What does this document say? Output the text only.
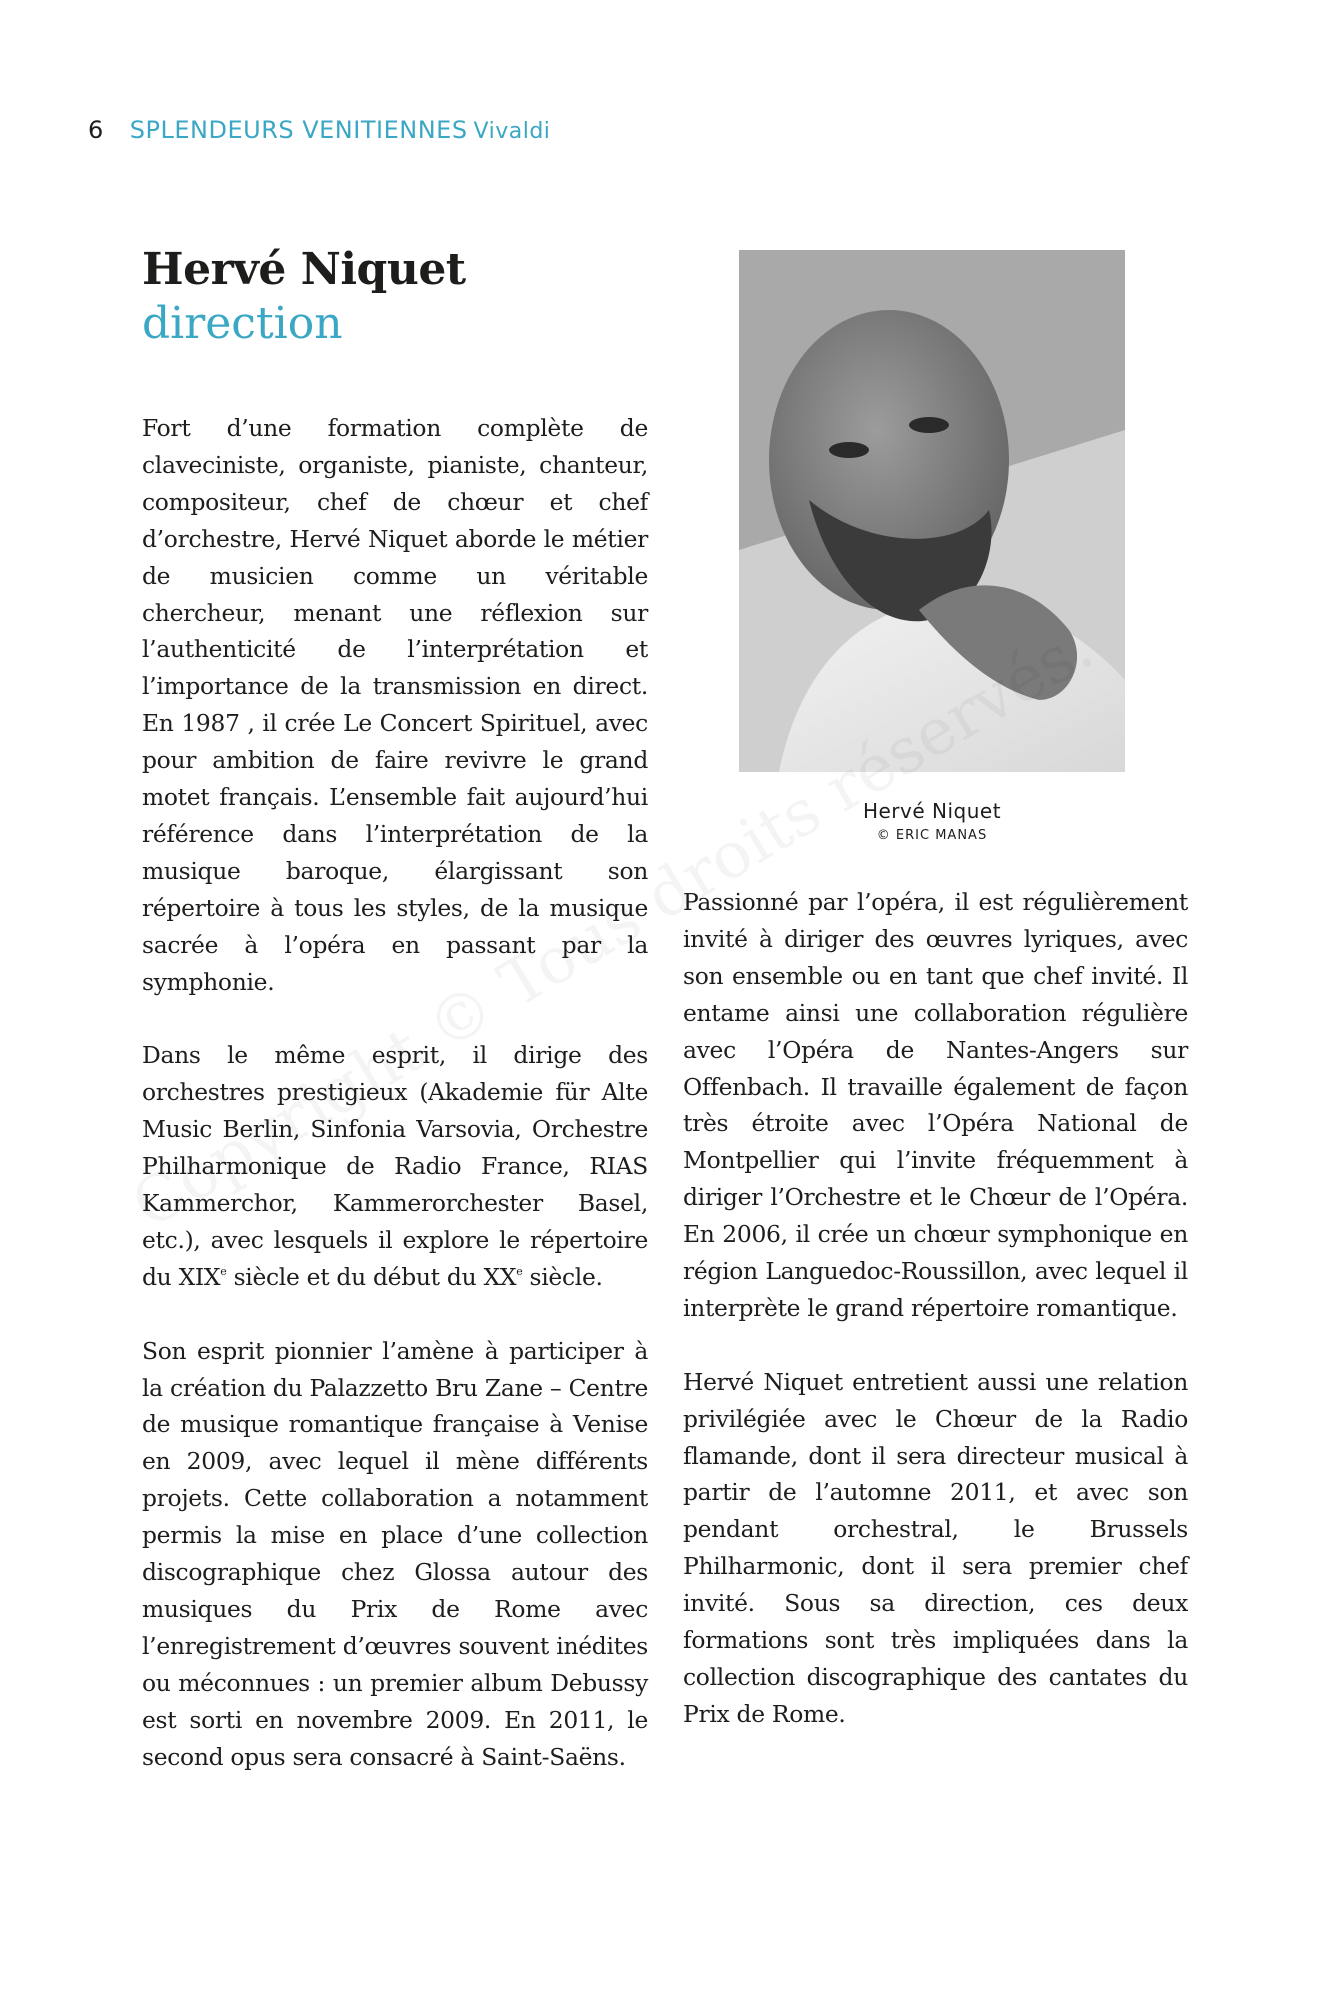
6 SPLENDEURS VENITIENNES Vivaldi
Hervé Niquet
direction

Fort d’une formation complète de claveciniste, organiste, pianiste, chanteur, compositeur, chef de chœur et chef d’orchestre, Hervé Niquet aborde le métier de musicien comme un véritable chercheur, menant une réflexion sur l’authenticité de l’interprétation et l’importance de la transmission en direct. En 1987 , il crée Le Concert Spirituel, avec pour ambition de faire revivre le grand motet français. L’ensemble fait aujourd’hui référence dans l’interprétation de la musique baroque, élargissant son répertoire à tous les styles, de la musique sacrée à l’opéra en passant par la symphonie.

Dans le même esprit, il dirige des orchestres prestigieux (Akademie für Alte Music Berlin, Sinfonia Varsovia, Orchestre Philharmonique de Radio France, RIAS Kammerchor, Kammerorchester Basel, etc.), avec lesquels il explore le répertoire du XIXe siècle et du début du XXe siècle.

Son esprit pionnier l’amène à participer à la création du Palazzetto Bru Zane – Centre de musique romantique française à Venise en 2009, avec lequel il mène différents projets. Cette collaboration a notamment permis la mise en place d’une collection discographique chez Glossa autour des musiques du Prix de Rome avec l’enregistrement d’œuvres souvent inédites ou méconnues : un premier album Debussy est sorti en novembre 2009. En 2011, le second opus sera consacré à Saint-Saëns.

Hervé Niquet
© ERIC MANAS

Passionné par l’opéra, il est régulièrement invité à diriger des œuvres lyriques, avec son ensemble ou en tant que chef invité. Il entame ainsi une collaboration régulière avec l’Opéra de Nantes-Angers sur Offenbach. Il travaille également de façon très étroite avec l’Opéra National de Montpellier qui l’invite fréquemment à diriger l’Orchestre et le Chœur de l’Opéra. En 2006, il crée un chœur symphonique en région Languedoc-Roussillon, avec lequel il interprète le grand répertoire romantique.

Hervé Niquet entretient aussi une relation privilégiée avec le Chœur de la Radio flamande, dont il sera directeur musical à partir de l’automne 2011, et avec son pendant orchestral, le Brussels Philharmonic, dont il sera premier chef invité. Sous sa direction, ces deux formations sont très impliquées dans la collection discographique des cantates du Prix de Rome.
